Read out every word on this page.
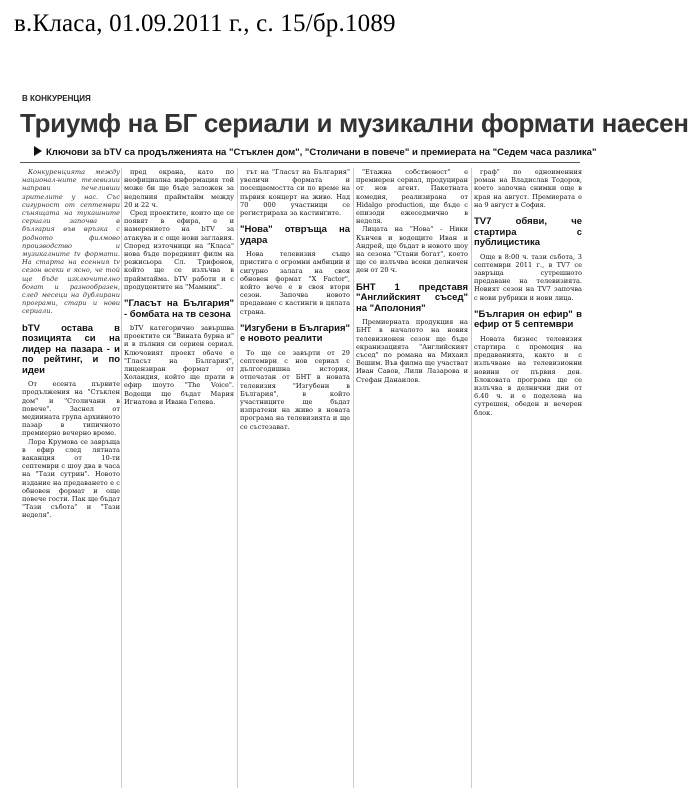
в.Класа, 01.09.2011 г., с. 15/бр.1089
В КОНКУРЕНЦИЯ
Триумф на БГ сериали и музикални формати наесен
Ключови за bTV са продълженията на "Стъклен дом", "Столичани в повече" и премиерата на "Седем часа разлика"

Конкуренцията между национал-ните телевизии направи печеливши зрителите у нас. Със сигурност от септември сънящата на тукашните сериали започва в българия във връзка с родното филмово производство и музикалните tv формати. На старта на есенния tv сезон всеки е ясно, че той ще бъде изключително богат и разнообразен, след месеци на дублирани програми, стари и нови сериали.

bTV остава в позицията си на лидер на пазара - и по рейтинг, и по идеи

От есента първите продължения на "Стъклен дом" и "Столичани в повече". Заснел от медиината група архивното пазар в типичното премиерно вечерно време.

Лора Крумова се завръща в ефир след лятната ваканция от 10-ти септември с шоу два в часа на "Тази сутрин". Новото издание на предаването е с обновен формат и още повече гости. Пак ще бъдат "Тази събота" и "Тази неделя".

пред екрана, като по неофициална информация той може би ще бъде заложен за неделния праймтайм между 20 и 22 ч.

Сред проектите, които ще се появят в ефира, е и намерението на bTV за атакува и с още нови заглавия. Според източници на "Класа" нова бъде поредният филм на режисьора Сл. Трифонов, който ще се излъчва в праймтайма. bTV работи и с продуцентите на "Мамник".

"Гласът на България" - бомбата на тв сезона

bTV категорично завършва проектите си "Вината бурна и" и в пълния си сериен сериал. Ключовият проект обаче е "Гласът на България", лицензиран формат от Холандия, който ще прати в ефир шоуто "The Voice". Водещи ще бъдат Мария Игнатова и Ивана Гелева.

тът на "Гласът на България" увеличи формата и посещаемостта си по време на първия концерт на живо. Над 70 000 участници се регистрираха за кастингите.

"Нова" отвръща на удара

Нова телевизия също пристига с огромни амбиции и сигурно залага на своя обновен формат "X Factor", който вече е в своя втори сезон. Започва новото предаване с кастинги в цялата страна.

"Изгубени в България" е новото реалити

То ще се завърти от 29 септември с нов сериал с дългогодишна история, отпечатан от БНТ в новата телевизия "Изгубени в България", в който участниците ще бъдат изпратени на живо в новата програма на телевизията и ще се състезават.

"Етажна собственост" е премиерен сериал, продуциран от нов агент. Пакетната комедия, реализирана от Hidalgo production, ще бъде с епизоди ежеседмично в неделя.

Лицата на "Нова" - Ники Кънчев и водещите Иван и Андрей, ще бъдат в новото шоу на сезона "Стани богат", което ще се излъчва всеки делничен ден от 20 ч.

БНТ 1 представя "Английският съсед" на "Аполония"

Премиерната продукция на БНТ в началото на новия телевизионен сезон ще бъде екранизацията "Английският съсед" по романа на Михаил Вешим. Във филма ще участват Иван Савов, Лили Лазарова и Стефан Данаилов.

граф" по едноименния роман на Владислав Тодоров, което започна снимки още в края на август. Премиерата е на 9 август в София.

TV7 обяви, че стартира с публицистика

Още в 8:00 ч. тази събота, 3 септември 2011 г., в TV7 се завръща сутрешното предаване на телевизията. Новият сезон на TV7 започва с нови рубрики и нови лица.

"България он ефир" в ефир от 5 септември

Новата бизнес телевизия стартира с промоция на предаванията, както и с излъчване на телевизионни новини от първия ден. Блоковата програма ще се излъчва в делнични дни от 6.40 ч. и е поделена на сутрешен, обеден и вечерен блок.
